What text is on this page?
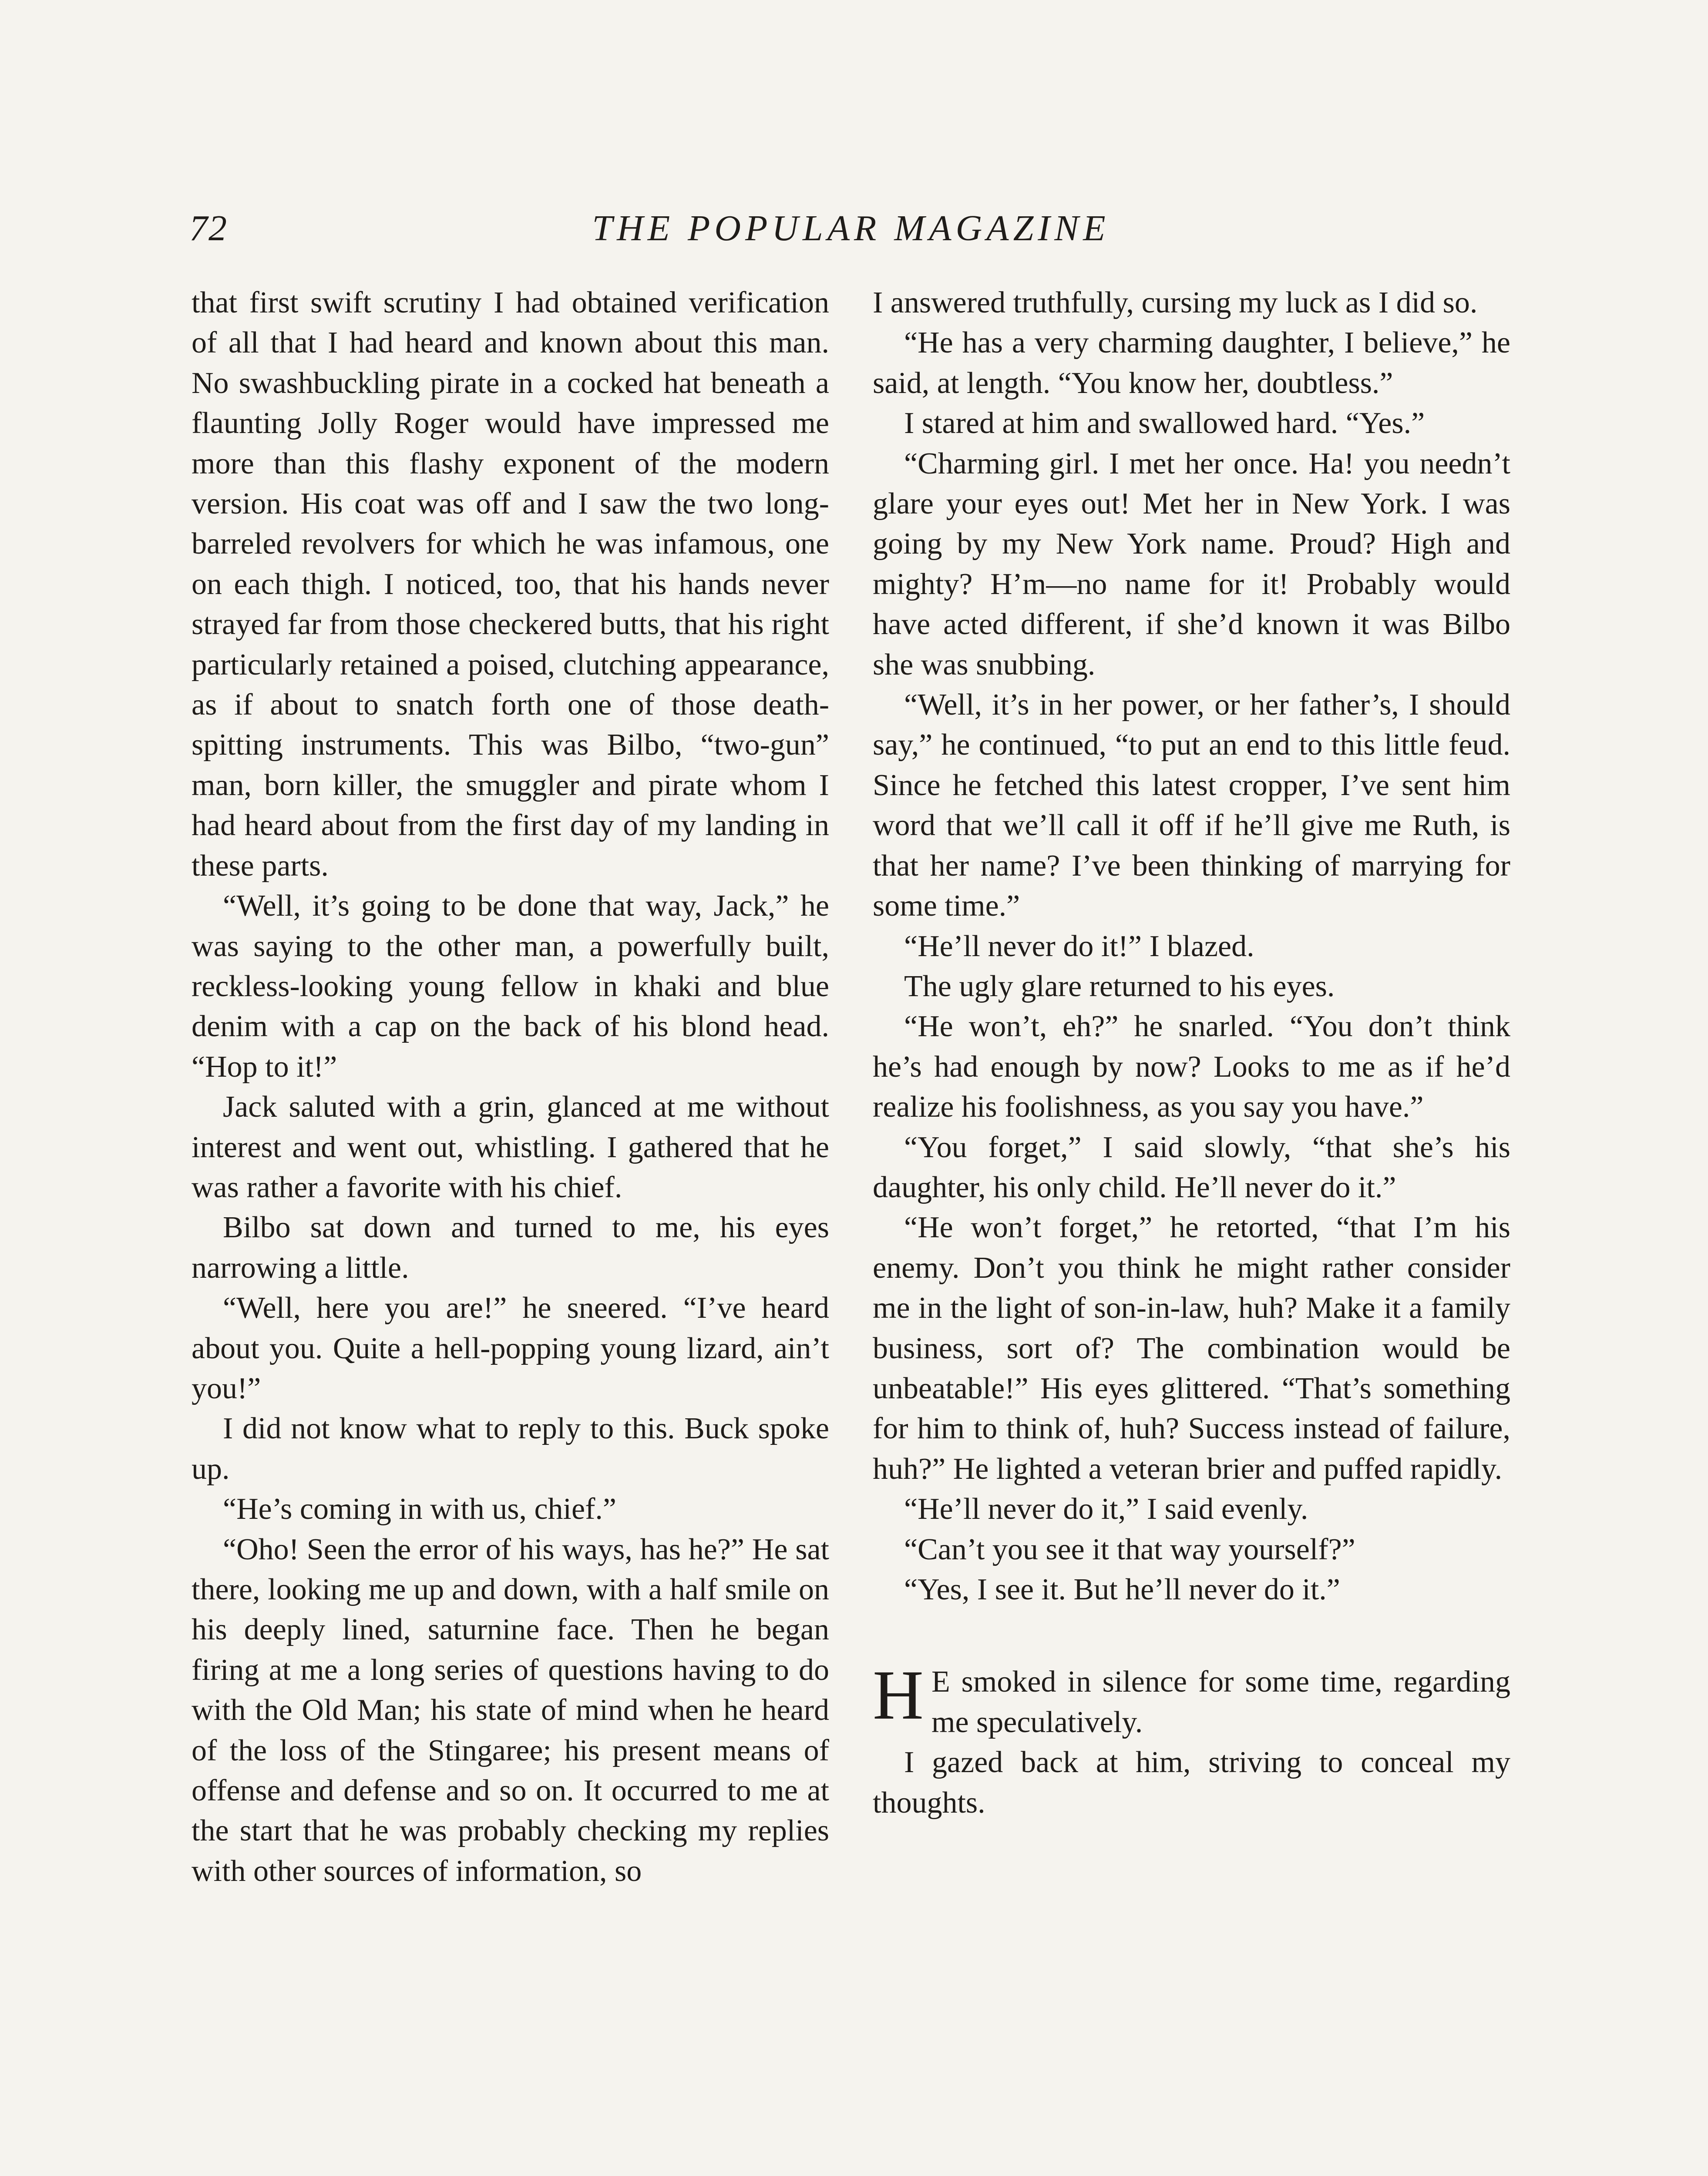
72	THE POPULAR MAGAZINE

that first swift scrutiny I had obtained verification of all that I had heard and known about this man. No swashbuckling pirate in a cocked hat beneath a flaunting Jolly Roger would have impressed me more than this flashy exponent of the modern version. His coat was off and I saw the two long-barreled revolvers for which he was infamous, one on each thigh. I noticed, too, that his hands never strayed far from those checkered butts, that his right particularly retained a poised, clutching appearance, as if about to snatch forth one of those death-spitting instruments. This was Bilbo, “two-gun” man, born killer, the smuggler and pirate whom I had heard about from the first day of my landing in these parts.

“Well, it’s going to be done that way, Jack,” he was saying to the other man, a powerfully built, reckless-looking young fellow in khaki and blue denim with a cap on the back of his blond head. “Hop to it!”

Jack saluted with a grin, glanced at me without interest and went out, whistling. I gathered that he was rather a favorite with his chief.

Bilbo sat down and turned to me, his eyes narrowing a little.

“Well, here you are!” he sneered. “I’ve heard about you. Quite a hell-popping young lizard, ain’t you!”

I did not know what to reply to this. Buck spoke up.

“He’s coming in with us, chief.”

“Oho! Seen the error of his ways, has he?” He sat there, looking me up and down, with a half smile on his deeply lined, saturnine face. Then he began firing at me a long series of questions having to do with the Old Man; his state of mind when he heard of the loss of the Stingaree; his present means of offense and defense and so on. It occurred to me at the start that he was probably checking my replies with other sources of information, so

I answered truthfully, cursing my luck as I did so.

“He has a very charming daughter, I believe,” he said, at length. “You know her, doubtless.”

I stared at him and swallowed hard. “Yes.”

“Charming girl. I met her once. Ha! you needn’t glare your eyes out! Met her in New York. I was going by my New York name. Proud? High and mighty? H’m—no name for it! Probably would have acted different, if she’d known it was Bilbo she was snubbing.

“Well, it’s in her power, or her father’s, I should say,” he continued, “to put an end to this little feud. Since he fetched this latest cropper, I’ve sent him word that we’ll call it off if he’ll give me Ruth, is that her name? I’ve been thinking of marrying for some time.”

“He’ll never do it!” I blazed.

The ugly glare returned to his eyes.

“He won’t, eh?” he snarled. “You don’t think he’s had enough by now? Looks to me as if he’d realize his foolishness, as you say you have.”

“You forget,” I said slowly, “that she’s his daughter, his only child. He’ll never do it.”

“He won’t forget,” he retorted, “that I’m his enemy. Don’t you think he might rather consider me in the light of son-in-law, huh? Make it a family business, sort of? The combination would be unbeatable!” His eyes glittered. “That’s something for him to think of, huh? Success instead of failure, huh?” He lighted a veteran brier and puffed rapidly.

“He’ll never do it,” I said evenly.

“Can’t you see it that way yourself?”

“Yes, I see it. But he’ll never do it.”

H E smoked in silence for some time, regarding me speculatively.

I gazed back at him, striving to conceal my thoughts.
